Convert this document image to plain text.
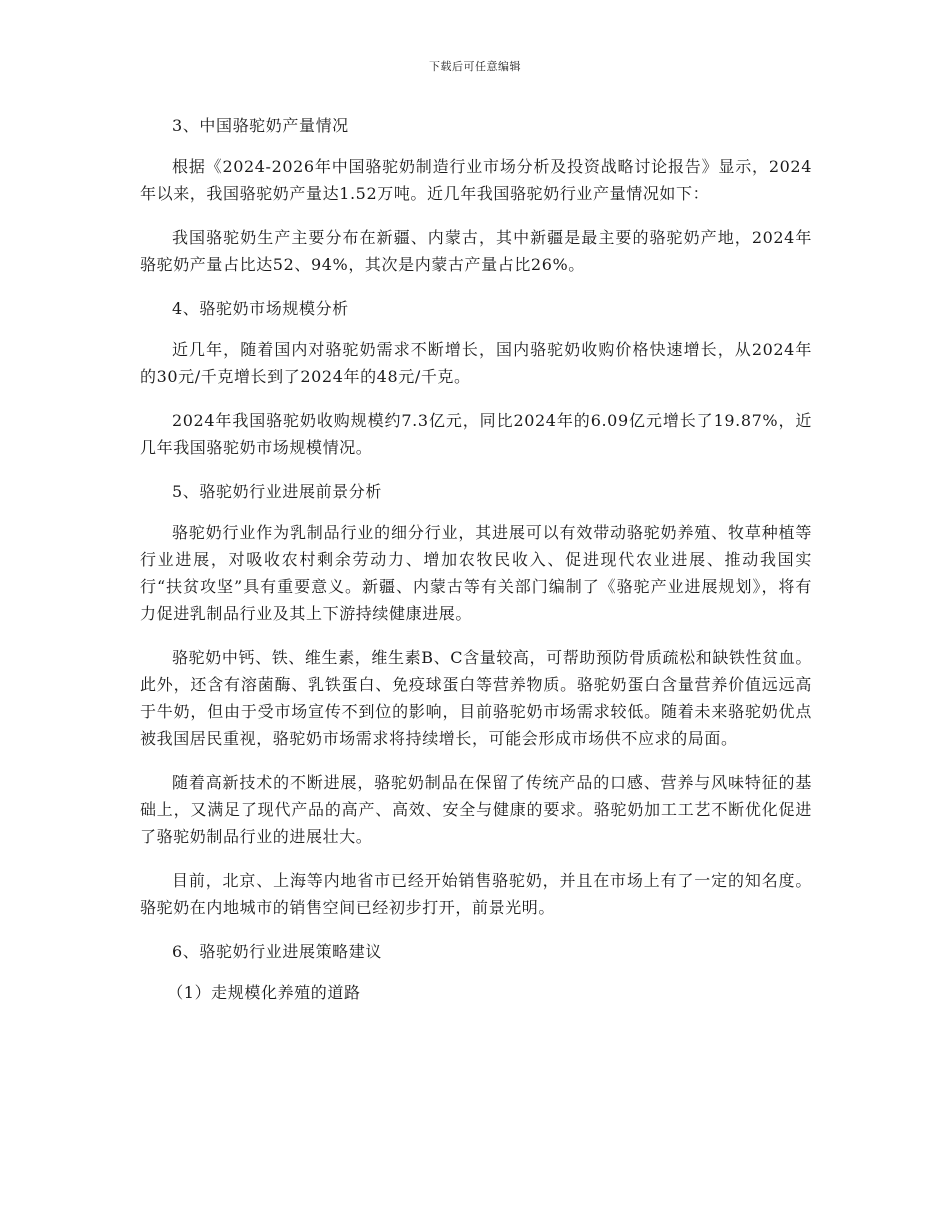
下载后可任意编辑

3、中国骆驼奶产量情况

根据《2024-2026年中国骆驼奶制造行业市场分析及投资战略讨论报告》显示，2024年以来，我国骆驼奶产量达1.52万吨。近几年我国骆驼奶行业产量情况如下：

我国骆驼奶生产主要分布在新疆、内蒙古，其中新疆是最主要的骆驼奶产地，2024年骆驼奶产量占比达52、94%，其次是内蒙古产量占比26%。

4、骆驼奶市场规模分析

近几年，随着国内对骆驼奶需求不断增长，国内骆驼奶收购价格快速增长，从2024年的30元/千克增长到了2024年的48元/千克。

2024年我国骆驼奶收购规模约7.3亿元，同比2024年的6.09亿元增长了19.87%，近几年我国骆驼奶市场规模情况。

5、骆驼奶行业进展前景分析

骆驼奶行业作为乳制品行业的细分行业，其进展可以有效带动骆驼奶养殖、牧草种植等行业进展，对吸收农村剩余劳动力、增加农牧民收入、促进现代农业进展、推动我国实行“扶贫攻坚”具有重要意义。新疆、内蒙古等有关部门编制了《骆驼产业进展规划》，将有力促进乳制品行业及其上下游持续健康进展。

骆驼奶中钙、铁、维生素，维生素B、C含量较高，可帮助预防骨质疏松和缺铁性贫血。此外，还含有溶菌酶、乳铁蛋白、免疫球蛋白等营养物质。骆驼奶蛋白含量营养价值远远高于牛奶，但由于受市场宣传不到位的影响，目前骆驼奶市场需求较低。随着未来骆驼奶优点被我国居民重视，骆驼奶市场需求将持续增长，可能会形成市场供不应求的局面。

随着高新技术的不断进展，骆驼奶制品在保留了传统产品的口感、营养与风味特征的基础上，又满足了现代产品的高产、高效、安全与健康的要求。骆驼奶加工工艺不断优化促进了骆驼奶制品行业的进展壮大。

目前，北京、上海等内地省市已经开始销售骆驼奶，并且在市场上有了一定的知名度。骆驼奶在内地城市的销售空间已经初步打开，前景光明。

6、骆驼奶行业进展策略建议

（1）走规模化养殖的道路
